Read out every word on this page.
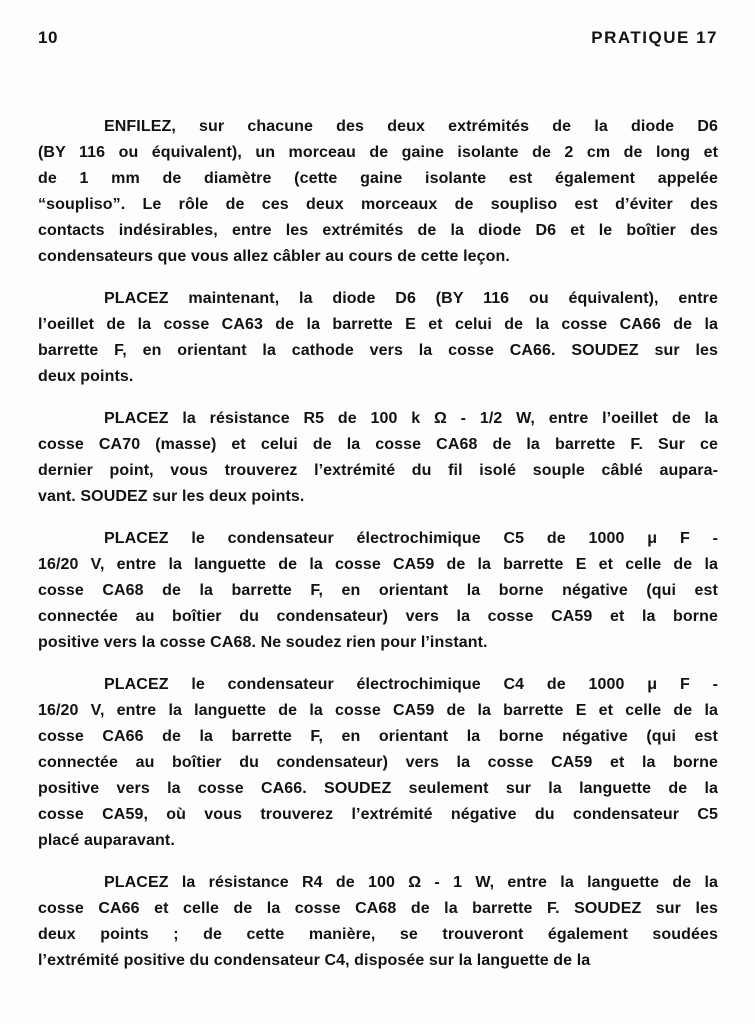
10	PRATIQUE 17
ENFILEZ, sur chacune des deux extrémités de la diode D6
(BY 116 ou équivalent), un morceau de gaine isolante de 2 cm de long et
de 1 mm de diamètre (cette gaine isolante est également appelée
“soupliso”. Le rôle de ces deux morceaux de soupliso est d’éviter des
contacts indésirables, entre les extrémités de la diode D6 et le boîtier des
condensateurs que vous allez câbler au cours de cette leçon.
PLACEZ maintenant, la diode D6 (BY 116 ou équivalent), entre
l’oeillet de la cosse CA63 de la barrette E et celui de la cosse CA66 de la
barrette F, en orientant la cathode vers la cosse CA66. SOUDEZ sur les
deux points.
PLACEZ la résistance R5 de 100 k Ω - 1/2 W, entre l’oeillet de la
cosse CA70 (masse) et celui de la cosse CA68 de la barrette F. Sur ce
dernier point, vous trouverez l’extrémité du fil isolé souple câblé aupara-
vant. SOUDEZ sur les deux points.
PLACEZ le condensateur électrochimique C5 de 1000 μ F -
16/20 V, entre la languette de la cosse CA59 de la barrette E et celle de la
cosse CA68 de la barrette F, en orientant la borne négative (qui est
connectée au boîtier du condensateur) vers la cosse CA59 et la borne
positive vers la cosse CA68. Ne soudez rien pour l’instant.
PLACEZ le condensateur électrochimique C4 de 1000 μ F -
16/20 V, entre la languette de la cosse CA59 de la barrette E et celle de la
cosse CA66 de la barrette F, en orientant la borne négative (qui est
connectée au boîtier du condensateur) vers la cosse CA59 et la borne
positive vers la cosse CA66. SOUDEZ seulement sur la languette de la
cosse CA59, où vous trouverez l’extrémité négative du condensateur C5
placé auparavant.
PLACEZ la résistance R4 de 100 Ω - 1 W, entre la languette de la
cosse CA66 et celle de la cosse CA68 de la barrette F. SOUDEZ sur les
deux points ; de cette manière, se trouveront également soudées
l’extrémité positive du condensateur C4, disposée sur la languette de la
